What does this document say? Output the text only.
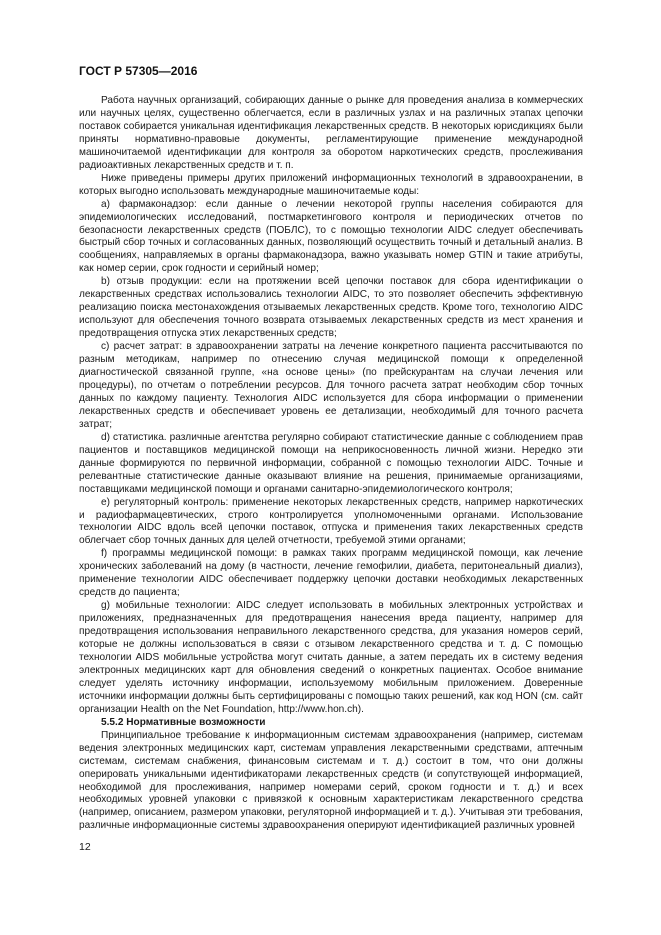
ГОСТ Р 57305—2016

Работа научных организаций, собирающих данные о рынке для проведения анализа в коммерческих или научных целях, существенно облегчается, если в различных узлах и на различных этапах цепочки поставок собирается уникальная идентификация лекарственных средств. В некоторых юрисдикциях были приняты нормативно-правовые документы, регламентирующие применение международной машиночитаемой идентификации для контроля за оборотом наркотических средств, прослеживания радиоактивных лекарственных средств и т. п.

Ниже приведены примеры других приложений информационных технологий в здравоохранении, в которых выгодно использовать международные машиночитаемые коды:

a) фармаконадзор: если данные о лечении некоторой группы населения собираются для эпидемиологических исследований, постмаркетингового контроля и периодических отчетов по безопасности лекарственных средств (ПОБЛС), то с помощью технологии AIDC следует обеспечивать быстрый сбор точных и согласованных данных, позволяющий осуществить точный и детальный анализ. В сообщениях, направляемых в органы фармаконадзора, важно указывать номер GTIN и такие атрибуты, как номер серии, срок годности и серийный номер;

b) отзыв продукции: если на протяжении всей цепочки поставок для сбора идентификации о лекарственных средствах использовались технологии AIDC, то это позволяет обеспечить эффективную реализацию поиска местонахождения отзываемых лекарственных средств. Кроме того, технологию AIDC используют для обеспечения точного возврата отзываемых лекарственных средств из мест хранения и предотвращения отпуска этих лекарственных средств;

c) расчет затрат: в здравоохранении затраты на лечение конкретного пациента рассчитываются по разным методикам, например по отнесению случая медицинской помощи к определенной диагностической связанной группе, «на основе цены» (по прейскурантам на случаи лечения или процедуры), по отчетам о потреблении ресурсов. Для точного расчета затрат необходим сбор точных данных по каждому пациенту. Технология AIDC используется для сбора информации о применении лекарственных средств и обеспечивает уровень ее детализации, необходимый для точного расчета затрат;

d) статистика. различные агентства регулярно собирают статистические данные с соблюдением прав пациентов и поставщиков медицинской помощи на неприкосновенность личной жизни. Нередко эти данные формируются по первичной информации, собранной с помощью технологии AIDC. Точные и релевантные статистические данные оказывают влияние на решения, принимаемые организациями, поставщиками медицинской помощи и органами санитарно-эпидемиологического контроля;

e) регуляторный контроль: применение некоторых лекарственных средств, например наркотических и радиофармацевтических, строго контролируется уполномоченными органами. Использование технологии AIDC вдоль всей цепочки поставок, отпуска и применения таких лекарственных средств облегчает сбор точных данных для целей отчетности, требуемой этими органами;

f) программы медицинской помощи: в рамках таких программ медицинской помощи, как лечение хронических заболеваний на дому (в частности, лечение гемофилии, диабета, перитонеальный диализ), применение технологии AIDC обеспечивает поддержку цепочки доставки необходимых лекарственных средств до пациента;

g) мобильные технологии: AIDC следует использовать в мобильных электронных устройствах и приложениях, предназначенных для предотвращения нанесения вреда пациенту, например для предотвращения использования неправильного лекарственного средства, для указания номеров серий, которые не должны использоваться в связи с отзывом лекарственного средства и т. д. С помощью технологии AIDS мобильные устройства могут считать данные, а затем передать их в систему ведения электронных медицинских карт для обновления сведений о конкретных пациентах. Особое внимание следует уделять источнику информации, используемому мобильным приложением. Доверенные источники информации должны быть сертифицированы с помощью таких решений, как код HON (см. сайт организации Health on the Net Foundation, http://www.hon.ch).

5.5.2 Нормативные возможности

Принципиальное требование к информационным системам здравоохранения (например, системам ведения электронных медицинских карт, системам управления лекарственными средствами, аптечным системам, системам снабжения, финансовым системам и т. д.) состоит в том, что они должны оперировать уникальными идентификаторами лекарственных средств (и сопутствующей информацией, необходимой для прослеживания, например номерами серий, сроком годности и т. д.) и всех необходимых уровней упаковки с привязкой к основным характеристикам лекарственного средства (например, описанием, размером упаковки, регуляторной информацией и т. д.). Учитывая эти требования, различные информационные системы здравоохранения оперируют идентификацией различных уровней

12
